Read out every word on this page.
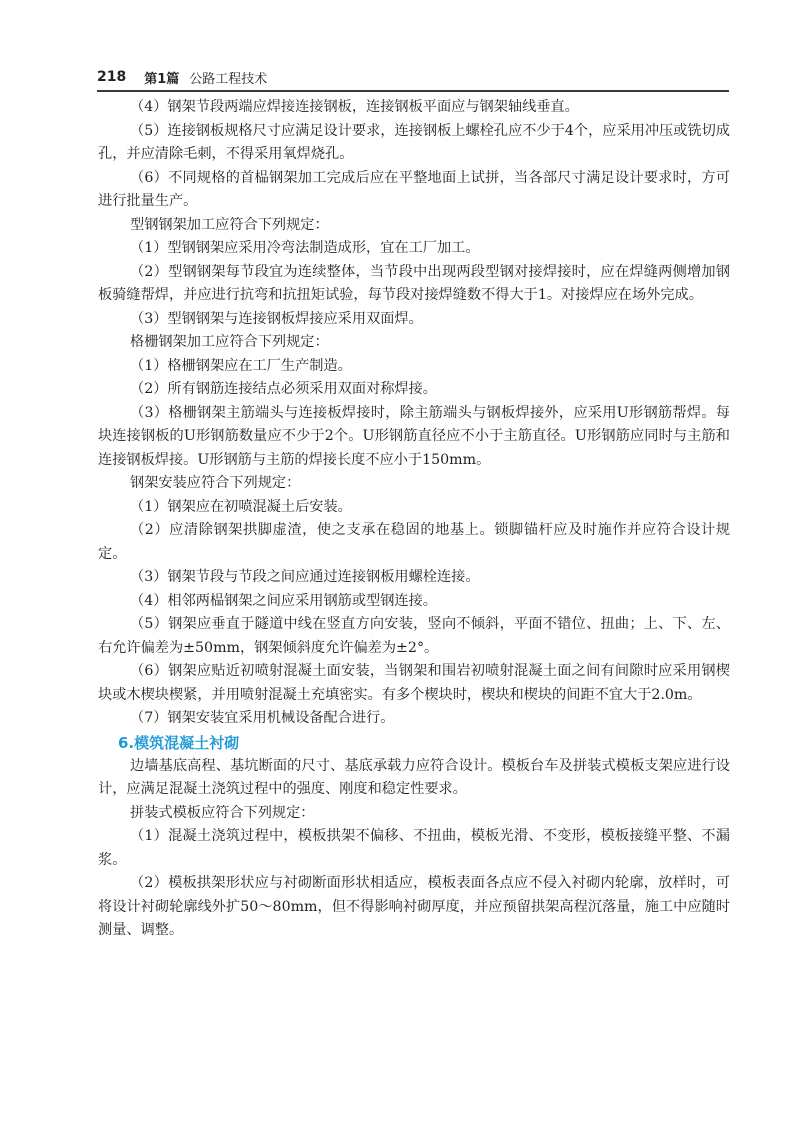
218 第1篇 公路工程技术

（4）钢架节段两端应焊接连接钢板，连接钢板平面应与钢架轴线垂直。

（5）连接钢板规格尺寸应满足设计要求，连接钢板上螺栓孔应不少于4个，应采用冲压或铣切成孔，并应清除毛刺，不得采用氧焊烧孔。

（6）不同规格的首榀钢架加工完成后应在平整地面上试拼，当各部尺寸满足设计要求时，方可进行批量生产。

型钢钢架加工应符合下列规定：

（1）型钢钢架应采用冷弯法制造成形，宜在工厂加工。

（2）型钢钢架每节段宜为连续整体，当节段中出现两段型钢对接焊接时，应在焊缝两侧增加钢板骑缝帮焊，并应进行抗弯和抗扭矩试验，每节段对接焊缝数不得大于1。对接焊应在场外完成。

（3）型钢钢架与连接钢板焊接应采用双面焊。

格栅钢架加工应符合下列规定：

（1）格栅钢架应在工厂生产制造。

（2）所有钢筋连接结点必须采用双面对称焊接。

（3）格栅钢架主筋端头与连接板焊接时，除主筋端头与钢板焊接外，应采用U形钢筋帮焊。每块连接钢板的U形钢筋数量应不少于2个。U形钢筋直径应不小于主筋直径。U形钢筋应同时与主筋和连接钢板焊接。U形钢筋与主筋的焊接长度不应小于150mm。

钢架安装应符合下列规定：

（1）钢架应在初喷混凝土后安装。

（2）应清除钢架拱脚虚渣，使之支承在稳固的地基上。锁脚锚杆应及时施作并应符合设计规定。

（3）钢架节段与节段之间应通过连接钢板用螺栓连接。

（4）相邻两榀钢架之间应采用钢筋或型钢连接。

（5）钢架应垂直于隧道中线在竖直方向安装，竖向不倾斜，平面不错位、扭曲；上、下、左、右允许偏差为±50mm，钢架倾斜度允许偏差为±2°。

（6）钢架应贴近初喷射混凝土面安装，当钢架和围岩初喷射混凝土面之间有间隙时应采用钢楔块或木楔块楔紧，并用喷射混凝土充填密实。有多个楔块时，楔块和楔块的间距不宜大于2.0m。

（7）钢架安装宜采用机械设备配合进行。

6.模筑混凝土衬砌

边墙基底高程、基坑断面的尺寸、基底承载力应符合设计。模板台车及拼装式模板支架应进行设计，应满足混凝土浇筑过程中的强度、刚度和稳定性要求。

拼装式模板应符合下列规定：

（1）混凝土浇筑过程中，模板拱架不偏移、不扭曲，模板光滑、不变形，模板接缝平整、不漏浆。

（2）模板拱架形状应与衬砌断面形状相适应，模板表面各点应不侵入衬砌内轮廓，放样时，可将设计衬砌轮廓线外扩50～80mm，但不得影响衬砌厚度，并应预留拱架高程沉落量，施工中应随时测量、调整。
